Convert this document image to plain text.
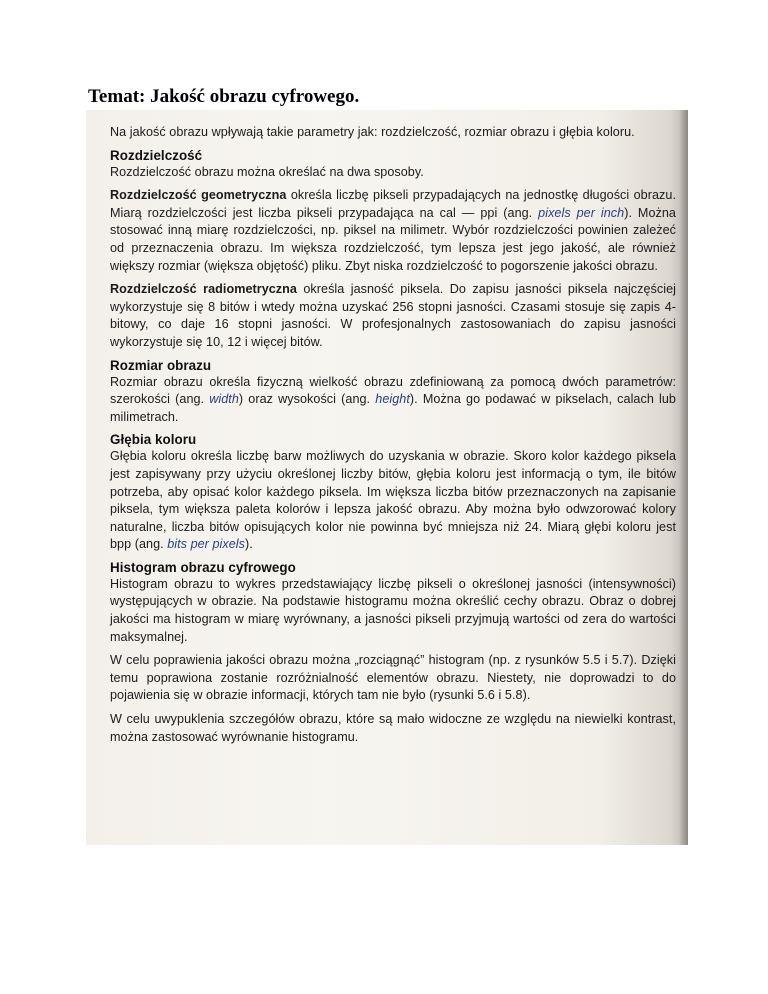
Temat: Jakość obrazu cyfrowego.

Na jakość obrazu wpływają takie parametry jak: rozdzielczość, rozmiar obrazu i głębia koloru.

Rozdzielczość

Rozdzielczość obrazu można określać na dwa sposoby.

Rozdzielczość geometryczna określa liczbę pikseli przypadających na jednostkę długości obrazu. Miarą rozdzielczości jest liczba pikseli przypadająca na cal — ppi (ang. pixels per inch). Można stosować inną miarę rozdzielczości, np. piksel na milimetr. Wybór rozdzielczości powinien zależeć od przeznaczenia obrazu. Im większa rozdzielczość, tym lepsza jest jego jakość, ale również większy rozmiar (większa objętość) pliku. Zbyt niska rozdzielczość to pogorszenie jakości obrazu.

Rozdzielczość radiometryczna określa jasność piksela. Do zapisu jasności piksela najczęściej wykorzystuje się 8 bitów i wtedy można uzyskać 256 stopni jasności. Czasami stosuje się zapis 4-bitowy, co daje 16 stopni jasności. W profesjonalnych zastosowaniach do zapisu jasności wykorzystuje się 10, 12 i więcej bitów.

Rozmiar obrazu

Rozmiar obrazu określa fizyczną wielkość obrazu zdefiniowaną za pomocą dwóch parametrów: szerokości (ang. width) oraz wysokości (ang. height). Można go podawać w pikselach, calach lub milimetrach.

Głębia koloru

Głębia koloru określa liczbę barw możliwych do uzyskania w obrazie. Skoro kolor każdego piksela jest zapisywany przy użyciu określonej liczby bitów, głębia koloru jest informacją o tym, ile bitów potrzeba, aby opisać kolor każdego piksela. Im większa liczba bitów przeznaczonych na zapisanie piksela, tym większa paleta kolorów i lepsza jakość obrazu. Aby można było odwzorować kolory naturalne, liczba bitów opisujących kolor nie powinna być mniejsza niż 24. Miarą głębi koloru jest bpp (ang. bits per pixels).

Histogram obrazu cyfrowego

Histogram obrazu to wykres przedstawiający liczbę pikseli o określonej jasności (intensywności) występujących w obrazie. Na podstawie histogramu można określić cechy obrazu. Obraz o dobrej jakości ma histogram w miarę wyrównany, a jasności pikseli przyjmują wartości od zera do wartości maksymalnej.

W celu poprawienia jakości obrazu można „rozciągnąć” histogram (np. z rysunków 5.5 i 5.7). Dzięki temu poprawiona zostanie rozróżnialność elementów obrazu. Niestety, nie doprowadzi to do pojawienia się w obrazie informacji, których tam nie było (rysunki 5.6 i 5.8).

W celu uwypuklenia szczegółów obrazu, które są mało widoczne ze względu na niewielki kontrast, można zastosować wyrównanie histogramu.
